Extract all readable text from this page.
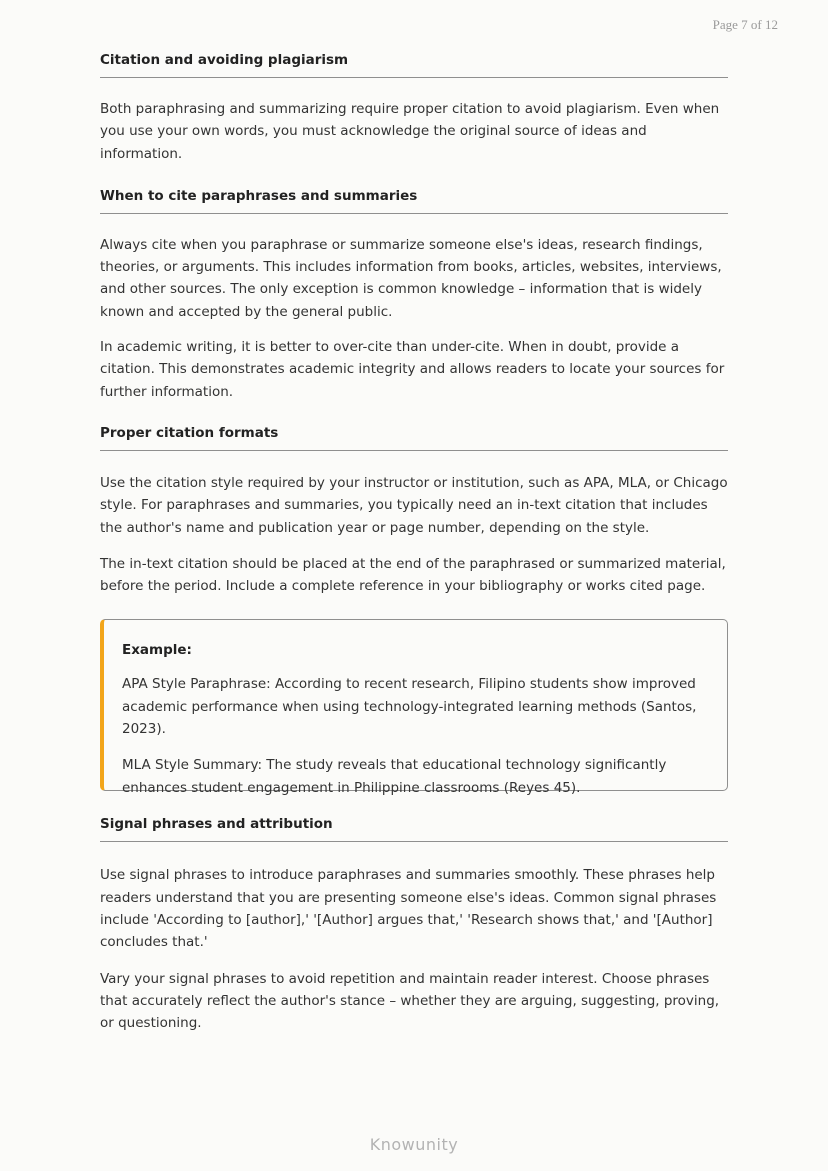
Page 7 of 12
Citation and avoiding plagiarism

Both paraphrasing and summarizing require proper citation to avoid plagiarism. Even when you use your own words, you must acknowledge the original source of ideas and information.

When to cite paraphrases and summaries

Always cite when you paraphrase or summarize someone else's ideas, research findings, theories, or arguments. This includes information from books, articles, websites, interviews, and other sources. The only exception is common knowledge – information that is widely known and accepted by the general public.

In academic writing, it is better to over-cite than under-cite. When in doubt, provide a citation. This demonstrates academic integrity and allows readers to locate your sources for further information.

Proper citation formats

Use the citation style required by your instructor or institution, such as APA, MLA, or Chicago style. For paraphrases and summaries, you typically need an in-text citation that includes the author's name and publication year or page number, depending on the style.

The in-text citation should be placed at the end of the paraphrased or summarized material, before the period. Include a complete reference in your bibliography or works cited page.

Example:

APA Style Paraphrase: According to recent research, Filipino students show improved academic performance when using technology-integrated learning methods (Santos, 2023).

MLA Style Summary: The study reveals that educational technology significantly enhances student engagement in Philippine classrooms (Reyes 45).

Signal phrases and attribution

Use signal phrases to introduce paraphrases and summaries smoothly. These phrases help readers understand that you are presenting someone else's ideas. Common signal phrases include 'According to [author],' '[Author] argues that,' 'Research shows that,' and '[Author] concludes that.'

Vary your signal phrases to avoid repetition and maintain reader interest. Choose phrases that accurately reflect the author's stance – whether they are arguing, suggesting, proving, or questioning.

Knowunity
